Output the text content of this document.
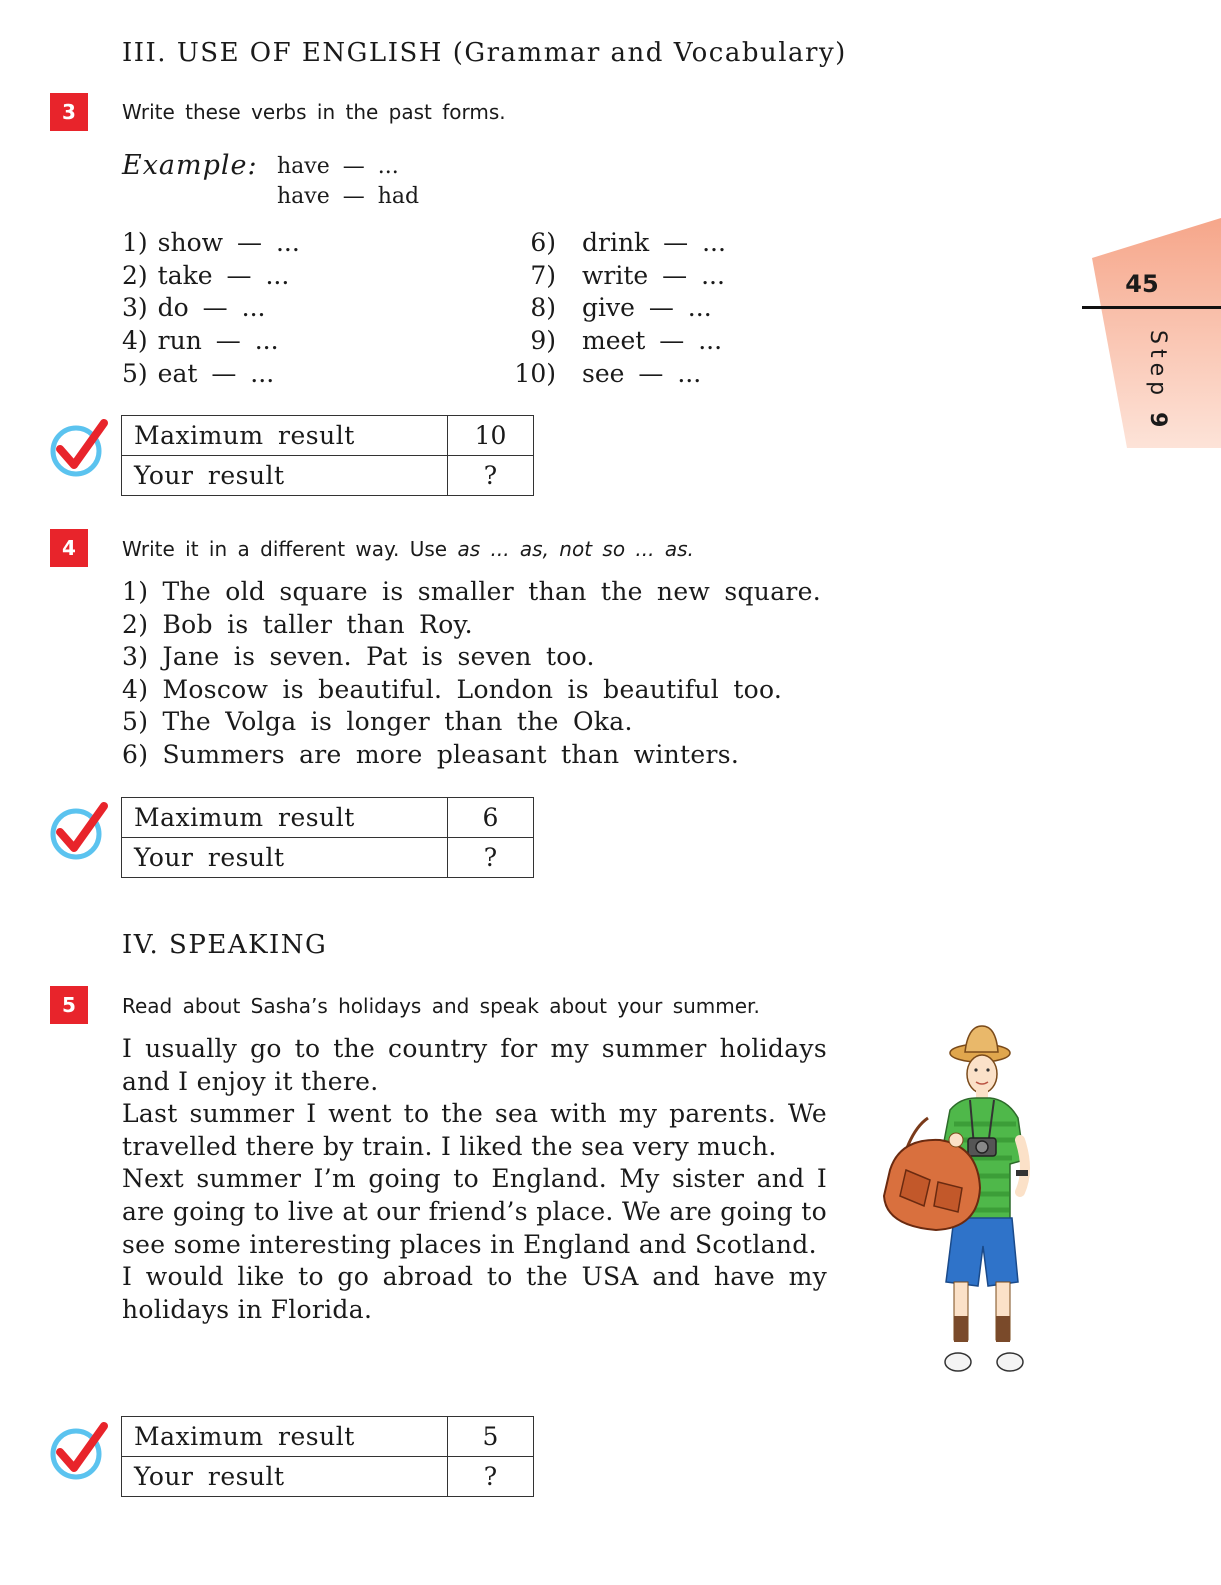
45
Step 9
III. USE OF ENGLISH (Grammar and Vocabulary)
3	Write these verbs in the past forms.
Example: have — ...
have — had
1) show — ...
2) take — ...
3) do — ...
4) run — ...
5) eat — ...
6)	drink — ...
7)	write — ...
8)	give — ...
9)	meet — ...
10)	see — ...
Maximum result	10
Your result	?
4	Write it in a different way. Use as ... as, not so ... as.
1) The old square is smaller than the new square.
2) Bob is taller than Roy.
3) Jane is seven. Pat is seven too.
4) Moscow is beautiful. London is beautiful too.
5) The Volga is longer than the Oka.
6) Summers are more pleasant than winters.
Maximum result	6
Your result	?
IV. SPEAKING
5	Read about Sasha’s holidays and speak about your summer.

I usually go to the country for my summer holidays and I enjoy it there.

Last summer I went to the sea with my parents. We travelled there by train. I liked the sea very much.

Next summer I’m going to England. My sister and I are going to live at our friend’s place. We are going to see some interesting places in England and Scotland.

I would like to go abroad to the USA and have my holidays in Florida.

Maximum result	5
Your result	?
